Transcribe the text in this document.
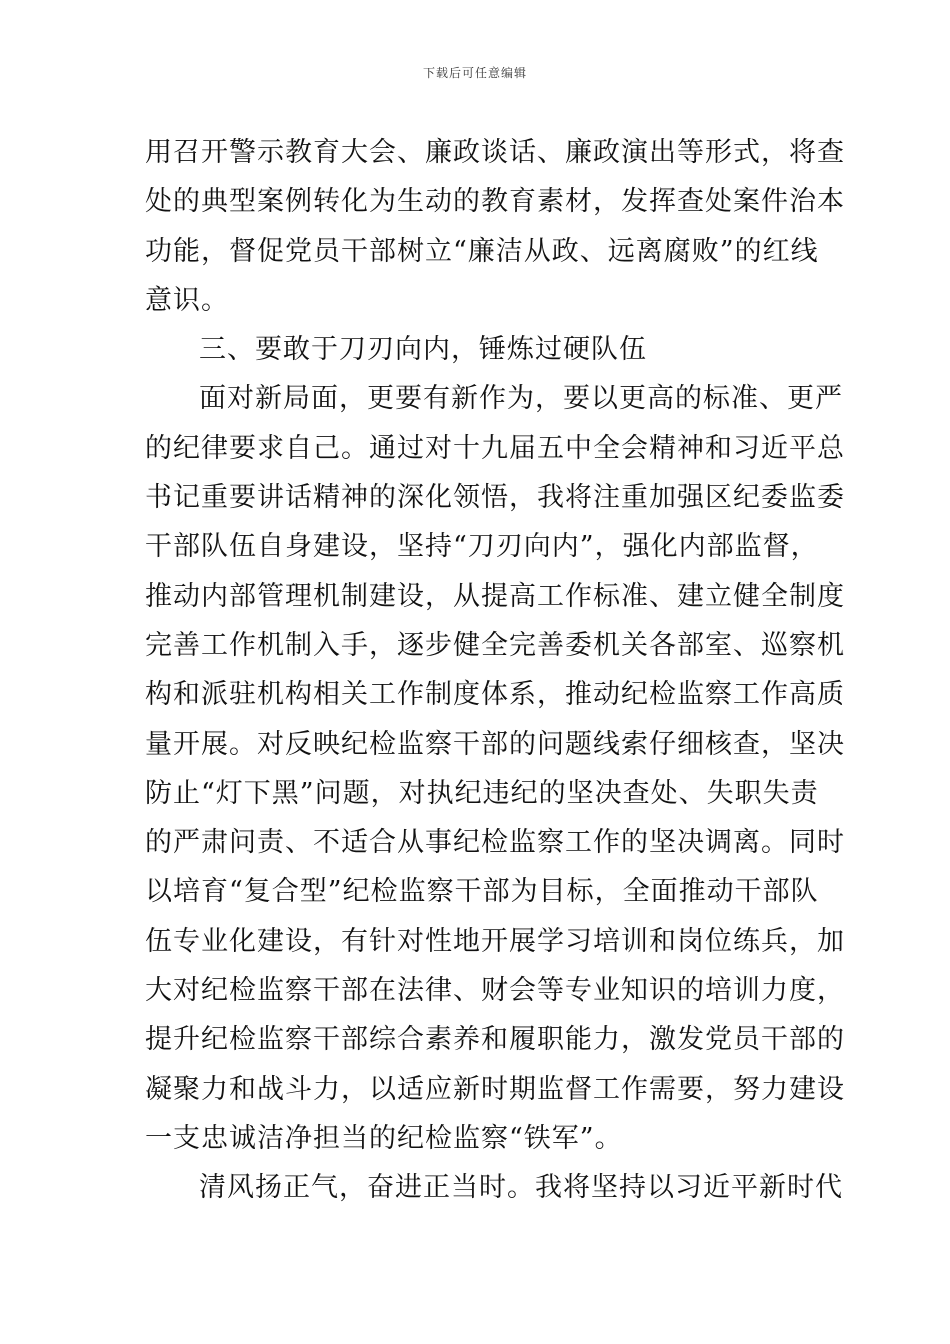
下载后可任意编辑
用召开警示教育大会、廉政谈话、廉政演出等形式，将查
处的典型案例转化为生动的教育素材，发挥查处案件治本
功能，督促党员干部树立“廉洁从政、远离腐败”的红线
意识。
三、要敢于刀刃向内，锤炼过硬队伍
面对新局面，更要有新作为，要以更高的标准、更严
的纪律要求自己。通过对十九届五中全会精神和习近平总
书记重要讲话精神的深化领悟，我将注重加强区纪委监委
干部队伍自身建设，坚持“刀刃向内”，强化内部监督，
推动内部管理机制建设，从提高工作标准、建立健全制度
完善工作机制入手，逐步健全完善委机关各部室、巡察机
构和派驻机构相关工作制度体系，推动纪检监察工作高质
量开展。对反映纪检监察干部的问题线索仔细核查，坚决
防止“灯下黑”问题，对执纪违纪的坚决查处、失职失责
的严肃问责、不适合从事纪检监察工作的坚决调离。同时
以培育“复合型”纪检监察干部为目标，全面推动干部队
伍专业化建设，有针对性地开展学习培训和岗位练兵，加
大对纪检监察干部在法律、财会等专业知识的培训力度，
提升纪检监察干部综合素养和履职能力，激发党员干部的
凝聚力和战斗力，以适应新时期监督工作需要，努力建设
一支忠诚洁净担当的纪检监察“铁军”。
清风扬正气，奋进正当时。我将坚持以习近平新时代
